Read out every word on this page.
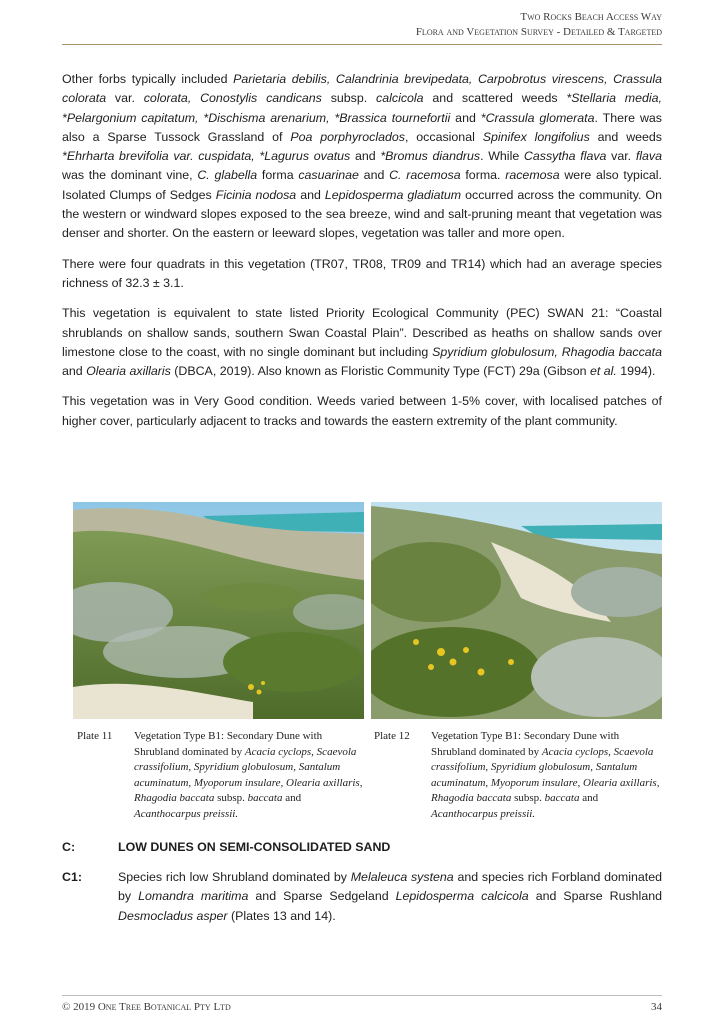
Two Rocks Beach Access Way
Flora and Vegetation Survey - Detailed & Targeted

Other forbs typically included Parietaria debilis, Calandrinia brevipedata, Carpobrotus virescens, Crassula colorata var. colorata, Conostylis candicans subsp. calcicola and scattered weeds *Stellaria media, *Pelargonium capitatum, *Dischisma arenarium, *Brassica tournefortii and *Crassula glomerata. There was also a Sparse Tussock Grassland of Poa porphyroclados, occasional Spinifex longifolius and weeds *Ehrharta brevifolia var. cuspidata, *Lagurus ovatus and *Bromus diandrus. While Cassytha flava var. flava was the dominant vine, C. glabella forma casuarinae and C. racemosa forma. racemosa were also typical. Isolated Clumps of Sedges Ficinia nodosa and Lepidosperma gladiatum occurred across the community. On the western or windward slopes exposed to the sea breeze, wind and salt-pruning meant that vegetation was denser and shorter. On the eastern or leeward slopes, vegetation was taller and more open.

There were four quadrats in this vegetation (TR07, TR08, TR09 and TR14) which had an average species richness of 32.3 ± 3.1.

This vegetation is equivalent to state listed Priority Ecological Community (PEC) SWAN 21: “Coastal shrublands on shallow sands, southern Swan Coastal Plain”. Described as heaths on shallow sands over limestone close to the coast, with no single dominant but including Spyridium globulosum, Rhagodia baccata and Olearia axillaris (DBCA, 2019). Also known as Floristic Community Type (FCT) 29a (Gibson et al. 1994).

This vegetation was in Very Good condition. Weeds varied between 1-5% cover, with localised patches of higher cover, particularly adjacent to tracks and towards the eastern extremity of the plant community.

Plate 11 Vegetation Type B1: Secondary Dune with Shrubland dominated by Acacia cyclops, Scaevola crassifolium, Spyridium globulosum, Santalum acuminatum, Myoporum insulare, Olearia axillaris, Rhagodia baccata subsp. baccata and Acanthocarpus preissii.
Plate 12 Vegetation Type B1: Secondary Dune with Shrubland dominated by Acacia cyclops, Scaevola crassifolium, Spyridium globulosum, Santalum acuminatum, Myoporum insulare, Olearia axillaris, Rhagodia baccata subsp. baccata and Acanthocarpus preissii.
C:	LOW DUNES ON SEMI-CONSOLIDATED SAND
C1:	Species rich low Shrubland dominated by Melaleuca systena and species rich Forbland dominated by Lomandra maritima and Sparse Sedgeland Lepidosperma calcicola and Sparse Rushland Desmocladus asper (Plates 13 and 14).
© 2019 One Tree Botanical Pty Ltd	34
